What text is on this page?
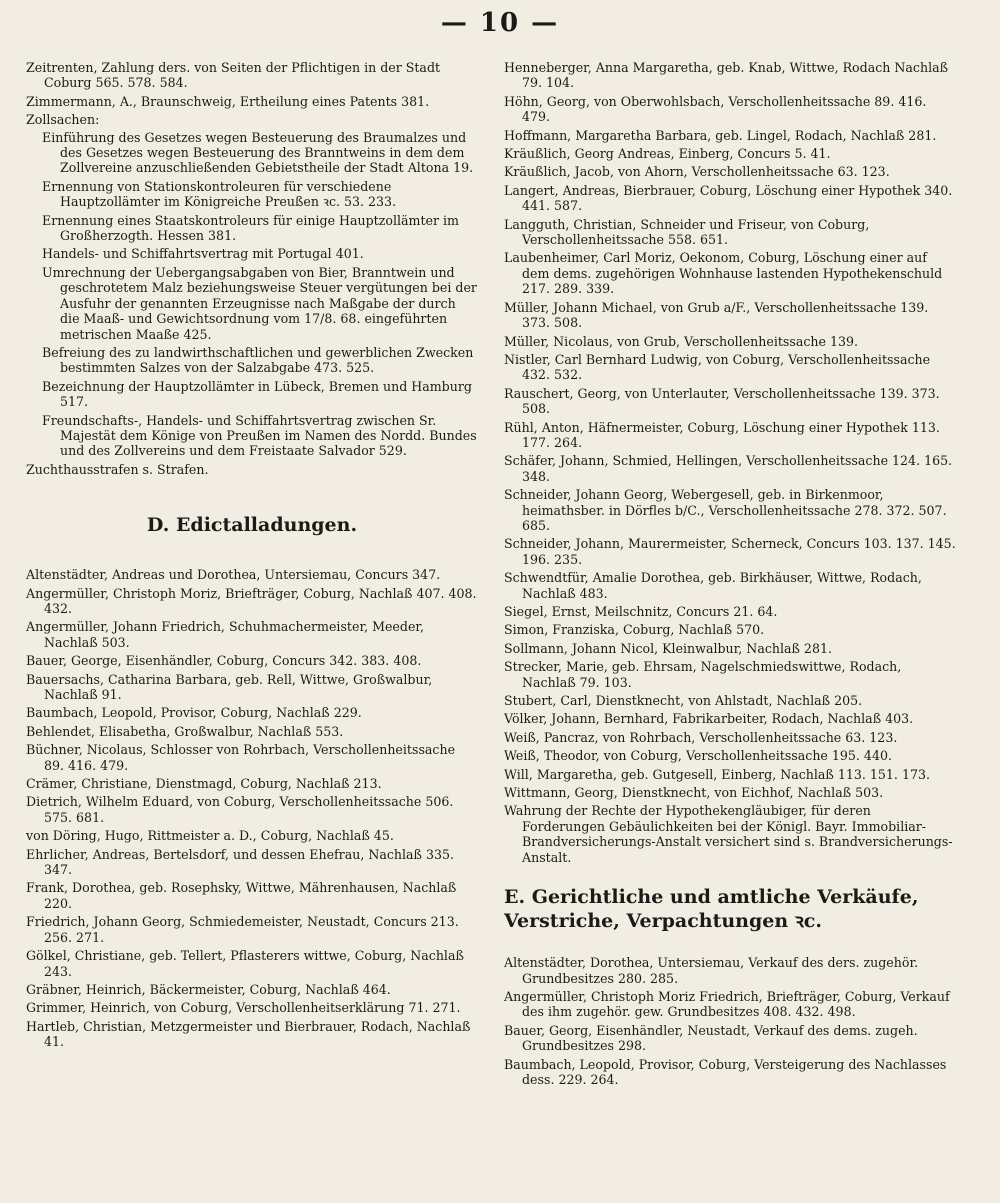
— 10 —

Zeitrenten, Zahlung ders. von Seiten der Pflichtigen in der Stadt Coburg 565. 578. 584.

Zimmermann, A., Braunschweig, Ertheilung eines Patents 381.

Zollsachen:

Einführung des Gesetzes wegen Besteuerung des Braumalzes und des Gesetzes wegen Besteuerung des Branntweins in dem dem Zollvereine anzuschließenden Gebietstheile der Stadt Altona 19.

Ernennung von Stationskontroleuren für verschiedene Hauptzollämter im Königreiche Preußen ꝛc. 53. 233.

Ernennung eines Staatskontroleurs für einige Hauptzollämter im Großherzogth. Hessen 381.

Handels- und Schiffahrtsvertrag mit Portugal 401.

Umrechnung der Uebergangsabgaben von Bier, Branntwein und geschrotetem Malz beziehungsweise Steuer vergütungen bei der Ausfuhr der genannten Erzeugnisse nach Maßgabe der durch die Maaß- und Gewichtsordnung vom 17/8. 68. eingeführten metrischen Maaße 425.

Befreiung des zu landwirthschaftlichen und gewerblichen Zwecken bestimmten Salzes von der Salzabgabe 473. 525.

Bezeichnung der Hauptzollämter in Lübeck, Bremen und Hamburg 517.

Freundschafts-, Handels- und Schiffahrtsvertrag zwischen Sr. Majestät dem Könige von Preußen im Namen des Nordd. Bundes und des Zollvereins und dem Freistaate Salvador 529.

Zuchthausstrafen s. Strafen.

D. Edictalladungen.

Altenstädter, Andreas und Dorothea, Untersiemau, Concurs 347.

Angermüller, Christoph Moriz, Briefträger, Coburg, Nachlaß 407. 408. 432.

Angermüller, Johann Friedrich, Schuhmachermeister, Meeder, Nachlaß 503.

Bauer, George, Eisenhändler, Coburg, Concurs 342. 383. 408.

Bauersachs, Catharina Barbara, geb. Rell, Wittwe, Großwalbur, Nachlaß 91.

Baumbach, Leopold, Provisor, Coburg, Nachlaß 229.

Behlendet, Elisabetha, Großwalbur, Nachlaß 553.

Büchner, Nicolaus, Schlosser von Rohrbach, Verschollenheitssache 89. 416. 479.

Crämer, Christiane, Dienstmagd, Coburg, Nachlaß 213.

Dietrich, Wilhelm Eduard, von Coburg, Verschollenheitssache 506. 575. 681.

von Döring, Hugo, Rittmeister a. D., Coburg, Nachlaß 45.

Ehrlicher, Andreas, Bertelsdorf, und dessen Ehefrau, Nachlaß 335. 347.

Frank, Dorothea, geb. Rosephsky, Wittwe, Mährenhausen, Nachlaß 220.

Friedrich, Johann Georg, Schmiedemeister, Neustadt, Concurs 213. 256. 271.

Gölkel, Christiane, geb. Tellert, Pflasterers wittwe, Coburg, Nachlaß 243.

Gräbner, Heinrich, Bäckermeister, Coburg, Nachlaß 464.

Grimmer, Heinrich, von Coburg, Verschollenheitserklärung 71. 271.

Hartleb, Christian, Metzgermeister und Bierbrauer, Rodach, Nachlaß 41.

Henneberger, Anna Margaretha, geb. Knab, Wittwe, Rodach Nachlaß 79. 104.

Höhn, Georg, von Oberwohlsbach, Verschollenheitssache 89. 416. 479.

Hoffmann, Margaretha Barbara, geb. Lingel, Rodach, Nachlaß 281.

Kräußlich, Georg Andreas, Einberg, Concurs 5. 41.

Kräußlich, Jacob, von Ahorn, Verschollenheitssache 63. 123.

Langert, Andreas, Bierbrauer, Coburg, Löschung einer Hypothek 340. 441. 587.

Langguth, Christian, Schneider und Friseur, von Coburg, Verschollenheitssache 558. 651.

Laubenheimer, Carl Moriz, Oekonom, Coburg, Löschung einer auf dem dems. zugehörigen Wohnhause lastenden Hypothekenschuld 217. 289. 339.

Müller, Johann Michael, von Grub a/F., Verschollenheitssache 139. 373. 508.

Müller, Nicolaus, von Grub, Verschollenheitssache 139.

Nistler, Carl Bernhard Ludwig, von Coburg, Verschollenheitssache 432. 532.

Rauschert, Georg, von Unterlauter, Verschollenheitssache 139. 373. 508.

Rühl, Anton, Häfnermeister, Coburg, Löschung einer Hypothek 113. 177. 264.

Schäfer, Johann, Schmied, Hellingen, Verschollenheitssache 124. 165. 348.

Schneider, Johann Georg, Webergesell, geb. in Birkenmoor, heimathsber. in Dörfles b/C., Verschollenheitssache 278. 372. 507. 685.

Schneider, Johann, Maurermeister, Scherneck, Concurs 103. 137. 145. 196. 235.

Schwendtfür, Amalie Dorothea, geb. Birkhäuser, Wittwe, Rodach, Nachlaß 483.

Siegel, Ernst, Meilschnitz, Concurs 21. 64.

Simon, Franziska, Coburg, Nachlaß 570.

Sollmann, Johann Nicol, Kleinwalbur, Nachlaß 281.

Strecker, Marie, geb. Ehrsam, Nagelschmiedswittwe, Rodach, Nachlaß 79. 103.

Stubert, Carl, Dienstknecht, von Ahlstadt, Nachlaß 205.

Völker, Johann, Bernhard, Fabrikarbeiter, Rodach, Nachlaß 403.

Weiß, Pancraz, von Rohrbach, Verschollenheitssache 63. 123.

Weiß, Theodor, von Coburg, Verschollenheitssache 195. 440.

Will, Margaretha, geb. Gutgesell, Einberg, Nachlaß 113. 151. 173.

Wittmann, Georg, Dienstknecht, von Eichhof, Nachlaß 503.

Wahrung der Rechte der Hypothekengläubiger, für deren Forderungen Gebäulichkeiten bei der Königl. Bayr. Immobiliar-Brandversicherungs-Anstalt versichert sind s. Brandversicherungs-Anstalt.

E. Gerichtliche und amtliche Verkäufe, Verstriche, Verpachtungen ꝛc.

Altenstädter, Dorothea, Untersiemau, Verkauf des ders. zugehör. Grundbesitzes 280. 285.

Angermüller, Christoph Moriz Friedrich, Briefträger, Coburg, Verkauf des ihm zugehör. gew. Grundbesitzes 408. 432. 498.

Bauer, Georg, Eisenhändler, Neustadt, Verkauf des dems. zugeh. Grundbesitzes 298.

Baumbach, Leopold, Provisor, Coburg, Versteigerung des Nachlasses dess. 229. 264.
